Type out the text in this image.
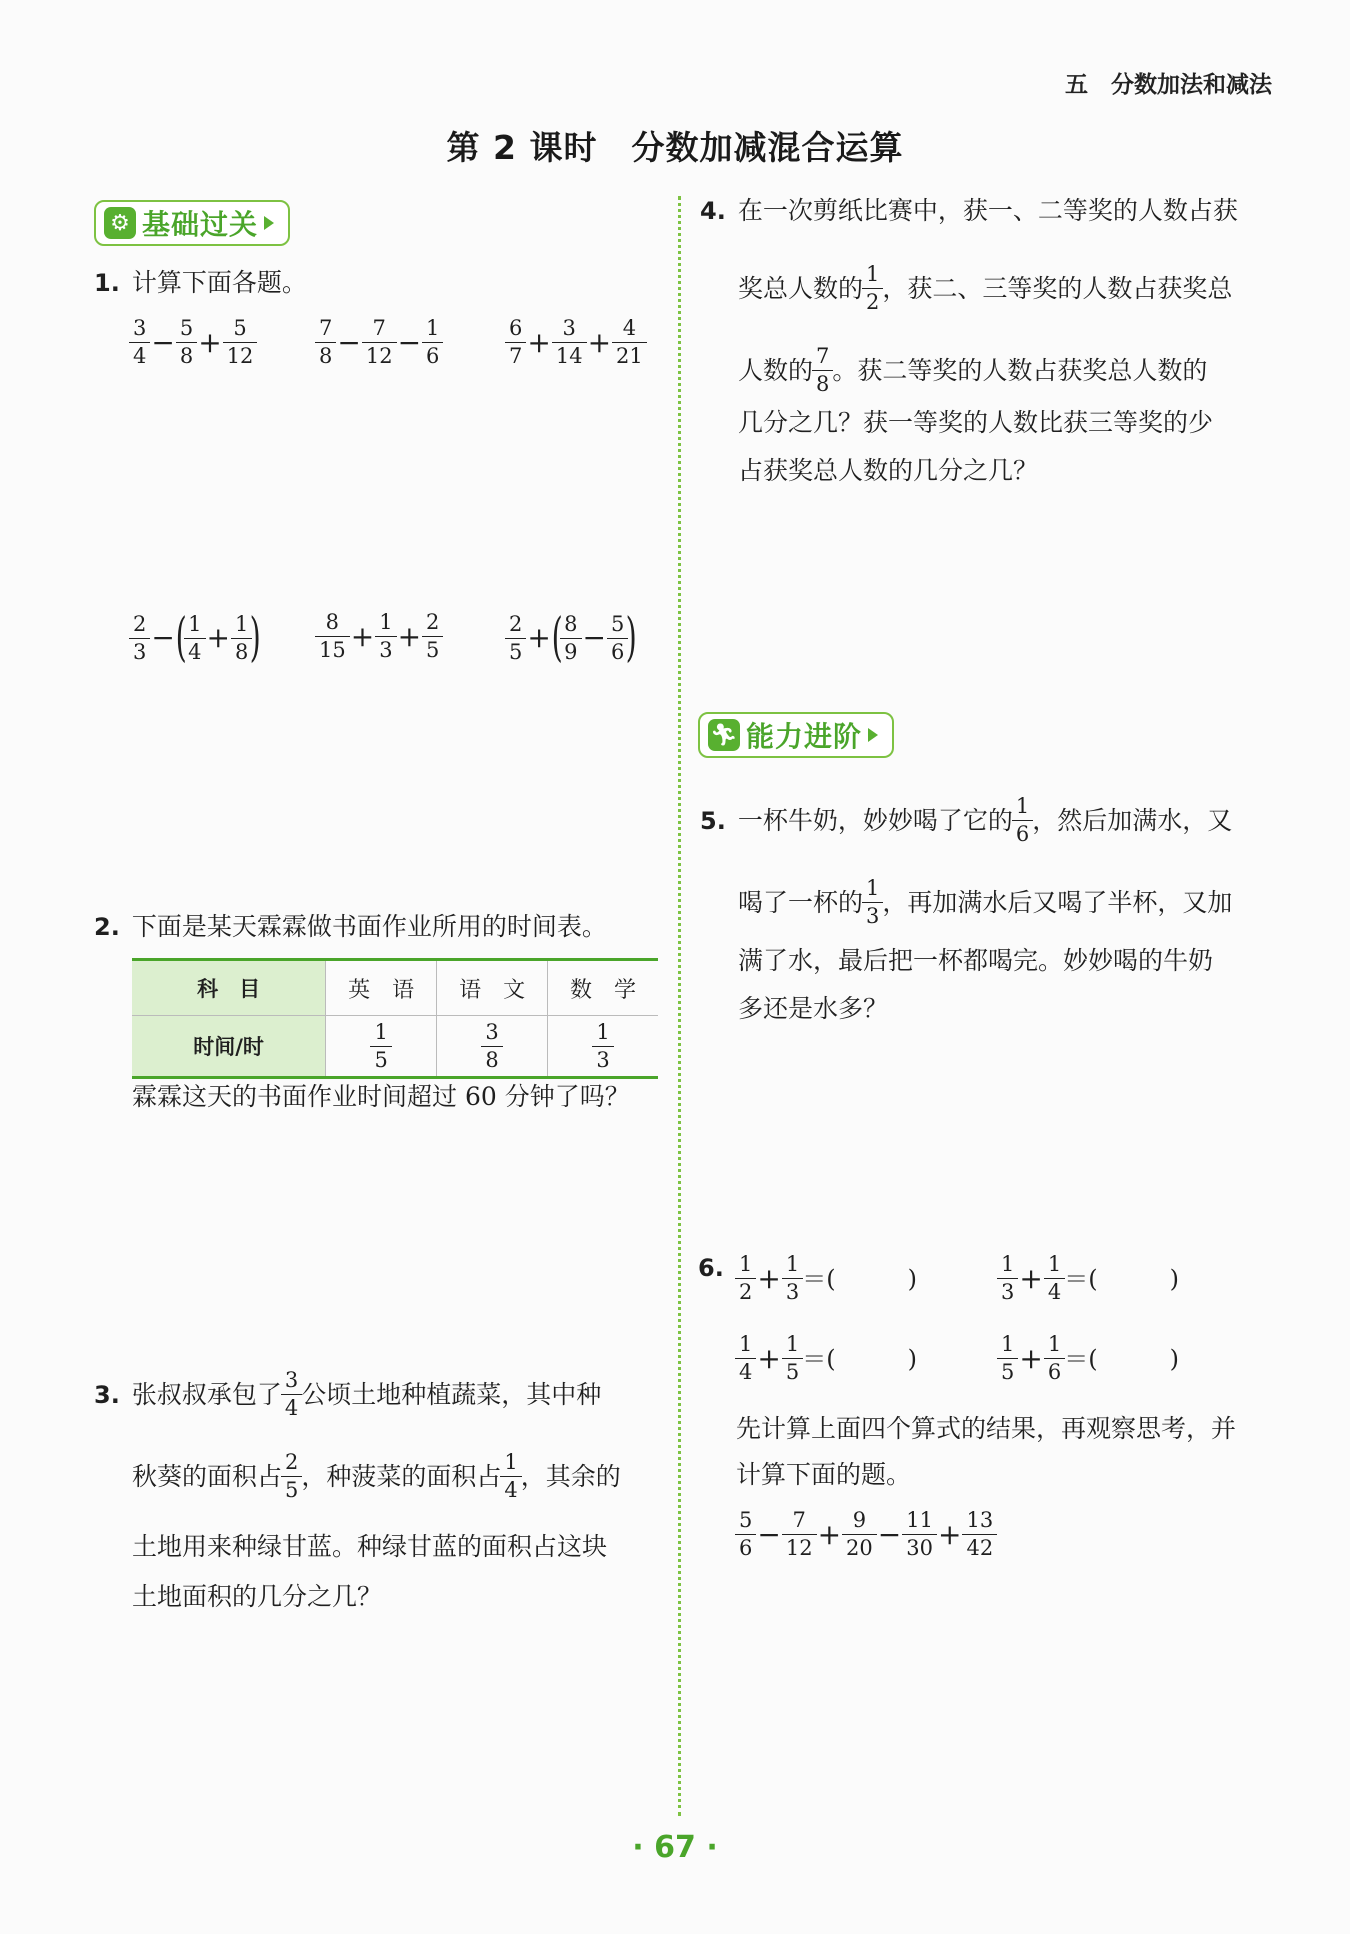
五　分数加法和减法
第 2 课时　分数加减混合运算
⚙ 基础过关
1. 计算下面各题。
$\frac{3}{4} - \frac{5}{8} + \frac{5}{12}$	$\frac{7}{8} - \frac{7}{12} - \frac{1}{6}$	$\frac{6}{7} + \frac{3}{14} + \frac{4}{21}$
$\frac{2}{3}$ − ( $\frac{1}{4} + \frac{1}{8}$ )	$\frac{8}{15} + \frac{1}{3} + \frac{2}{5}$	$\frac{2}{5}$ + ( $\frac{8}{9} - \frac{5}{6}$ )
2. 下面是某天霖霖做书面作业所用的时间表。
科　目	英　语	语　文	数　学
时间/时	$\frac{1}{5}$	$\frac{3}{8}$	$\frac{1}{3}$
霖霖这天的书面作业时间超过 60 分钟了吗？
3. 张叔叔承包了 $\frac{3}{4}$ 公顷土地种植蔬菜，其中种
秋葵的面积占 $\frac{2}{5}$ ，种菠菜的面积占 $\frac{1}{4}$ ，其余的
土地用来种绿甘蓝。种绿甘蓝的面积占这块
土地面积的几分之几？
4. 在一次剪纸比赛中，获一、二等奖的人数占获
奖总人数的 $\frac{1}{2}$ ，获二、三等奖的人数占获奖总
人数的 $\frac{7}{8}$ 。获二等奖的人数占获奖总人数的
几分之几？获一等奖的人数比获三等奖的少
占获奖总人数的几分之几？
🏃︎ 能力进阶
5. 一杯牛奶，妙妙喝了它的 $\frac{1}{6}$ ，然后加满水，又
喝了一杯的 $\frac{1}{3}$ ，再加满水后又喝了半杯，又加
满了水，最后把一杯都喝完。妙妙喝的牛奶
多还是水多？
6. $\frac{1}{2} + \frac{1}{3}$ ＝(　　　)	$\frac{1}{3} + \frac{1}{4}$ ＝(　　　)
$\frac{1}{4} + \frac{1}{5}$ ＝(　　　)	$\frac{1}{5} + \frac{1}{6}$ ＝(　　　)
先计算上面四个算式的结果，再观察思考，并
计算下面的题。
$\frac{5}{6} - \frac{7}{12} + \frac{9}{20} - \frac{11}{30} + \frac{13}{42}$
· 67 ·
